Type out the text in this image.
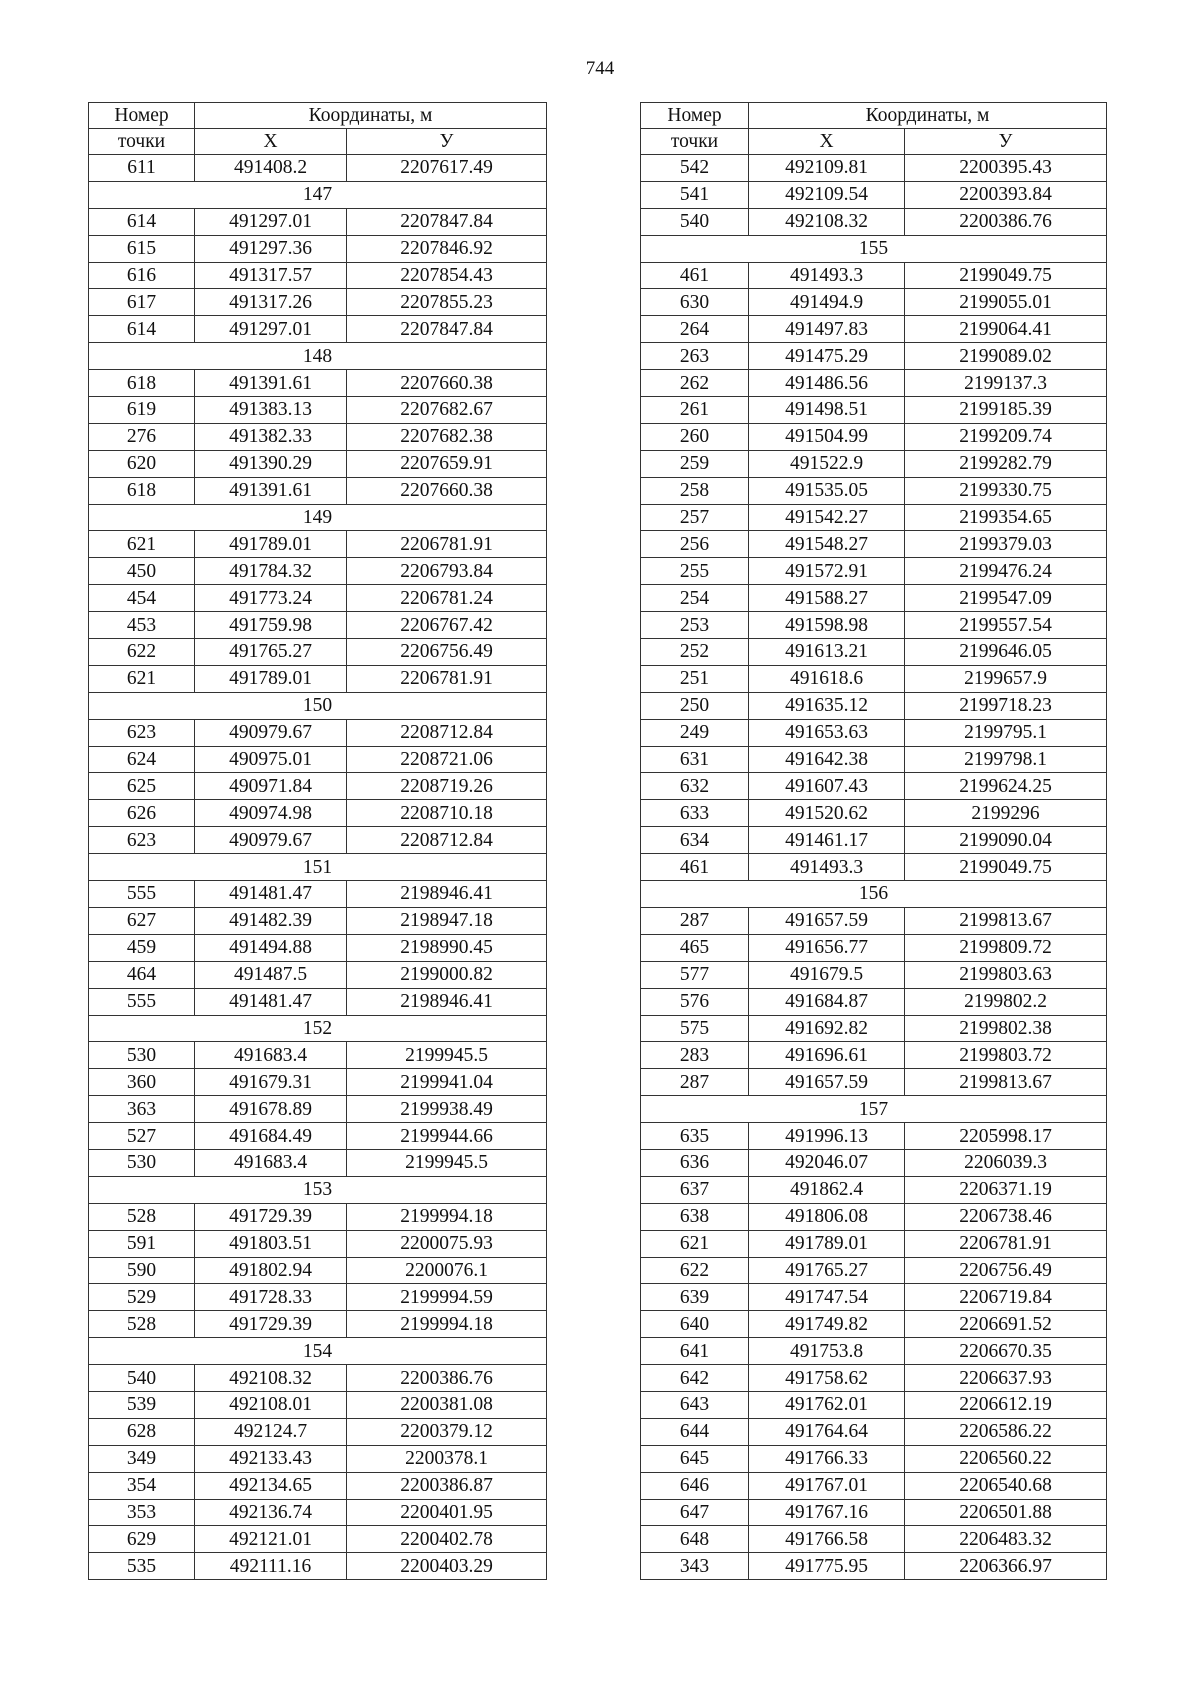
744
Номер	Координаты, м	
точки	X	У
611	491408.2	2207617.49
147		
614	491297.01	2207847.84
615	491297.36	2207846.92
616	491317.57	2207854.43
617	491317.26	2207855.23
614	491297.01	2207847.84
148		
618	491391.61	2207660.38
619	491383.13	2207682.67
276	491382.33	2207682.38
620	491390.29	2207659.91
618	491391.61	2207660.38
149		
621	491789.01	2206781.91
450	491784.32	2206793.84
454	491773.24	2206781.24
453	491759.98	2206767.42
622	491765.27	2206756.49
621	491789.01	2206781.91
150		
623	490979.67	2208712.84
624	490975.01	2208721.06
625	490971.84	2208719.26
626	490974.98	2208710.18
623	490979.67	2208712.84
151		
555	491481.47	2198946.41
627	491482.39	2198947.18
459	491494.88	2198990.45
464	491487.5	2199000.82
555	491481.47	2198946.41
152		
530	491683.4	2199945.5
360	491679.31	2199941.04
363	491678.89	2199938.49
527	491684.49	2199944.66
530	491683.4	2199945.5
153		
528	491729.39	2199994.18
591	491803.51	2200075.93
590	491802.94	2200076.1
529	491728.33	2199994.59
528	491729.39	2199994.18
154		
540	492108.32	2200386.76
539	492108.01	2200381.08
628	492124.7	2200379.12
349	492133.43	2200378.1
354	492134.65	2200386.87
353	492136.74	2200401.95
629	492121.01	2200402.78
535	492111.16	2200403.29
Номер	Координаты, м	
точки	X	У
542	492109.81	2200395.43
541	492109.54	2200393.84
540	492108.32	2200386.76
155		
461	491493.3	2199049.75
630	491494.9	2199055.01
264	491497.83	2199064.41
263	491475.29	2199089.02
262	491486.56	2199137.3
261	491498.51	2199185.39
260	491504.99	2199209.74
259	491522.9	2199282.79
258	491535.05	2199330.75
257	491542.27	2199354.65
256	491548.27	2199379.03
255	491572.91	2199476.24
254	491588.27	2199547.09
253	491598.98	2199557.54
252	491613.21	2199646.05
251	491618.6	2199657.9
250	491635.12	2199718.23
249	491653.63	2199795.1
631	491642.38	2199798.1
632	491607.43	2199624.25
633	491520.62	2199296
634	491461.17	2199090.04
461	491493.3	2199049.75
156		
287	491657.59	2199813.67
465	491656.77	2199809.72
577	491679.5	2199803.63
576	491684.87	2199802.2
575	491692.82	2199802.38
283	491696.61	2199803.72
287	491657.59	2199813.67
157		
635	491996.13	2205998.17
636	492046.07	2206039.3
637	491862.4	2206371.19
638	491806.08	2206738.46
621	491789.01	2206781.91
622	491765.27	2206756.49
639	491747.54	2206719.84
640	491749.82	2206691.52
641	491753.8	2206670.35
642	491758.62	2206637.93
643	491762.01	2206612.19
644	491764.64	2206586.22
645	491766.33	2206560.22
646	491767.01	2206540.68
647	491767.16	2206501.88
648	491766.58	2206483.32
343	491775.95	2206366.97
